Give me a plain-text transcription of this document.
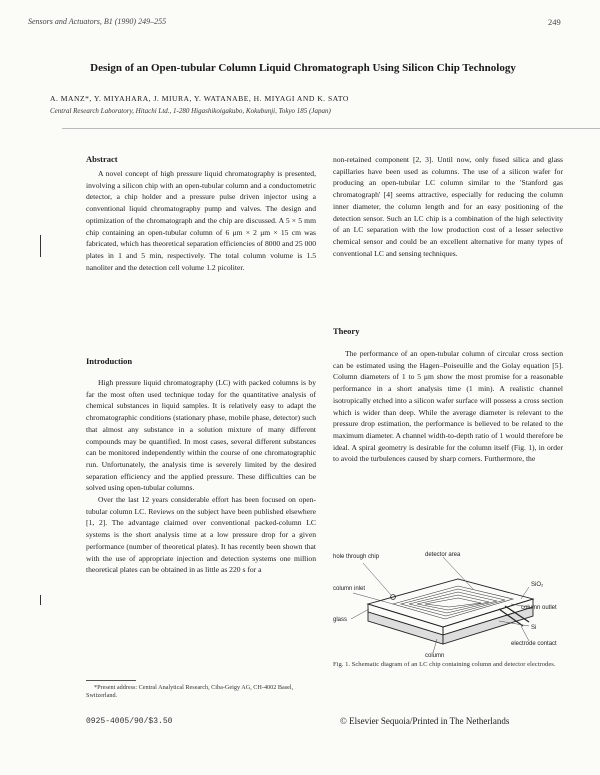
Sensors and Actuators, B1 (1990) 249–255	249
Design of an Open-tubular Column Liquid Chromatograph Using Silicon Chip Technology
A. MANZ*, Y. MIYAHARA, J. MIURA, Y. WATANABE, H. MIYAGI AND K. SATO
Central Research Laboratory, Hitachi Ltd., 1-280 Higashikoigakubo, Kokubunji, Tokyo 185 (Japan)
Abstract

A novel concept of high pressure liquid chromatography is presented, involving a silicon chip with an open-tubular column and a conductometric detector, a chip holder and a pressure pulse driven injector using a conventional liquid chromatography pump and valves. The design and optimization of the chromatograph and the chip are discussed. A 5 × 5 mm chip containing an open-tubular column of 6 μm × 2 μm × 15 cm was fabricated, which has theoretical separation efficiencies of 8000 and 25 000 plates in 1 and 5 min, respectively. The total column volume is 1.5 nanoliter and the detection cell volume 1.2 picoliter.

Introduction

High pressure liquid chromatography (LC) with packed columns is by far the most often used technique today for the quantitative analysis of chemical substances in liquid samples. It is relatively easy to adapt the chromatographic conditions (stationary phase, mobile phase, detector) such that almost any substance in a solution mixture of many different compounds may be quantified. In most cases, several different substances can be monitored independently within the course of one chromatographic run. Unfortunately, the analysis time is severely limited by the desired separation efficiency and the applied pressure. These difficulties can be solved using open-tubular columns.

Over the last 12 years considerable effort has been focused on open-tubular column LC. Reviews on the subject have been published elsewhere [1, 2]. The advantage claimed over conventional packed-column LC systems is the short analysis time at a low pressure drop for a given performance (number of theoretical plates). It has recently been shown that with the use of appropriate injection and detection systems one million theoretical plates can be obtained in as little as 220 s for a

non-retained component [2, 3]. Until now, only fused silica and glass capillaries have been used as columns. The use of a silicon wafer for producing an open-tubular LC column similar to the 'Stanford gas chromatograph' [4] seems attractive, especially for reducing the column inner diameter, the column length and for an easy positioning of the detection sensor. Such an LC chip is a combination of the high selectivity of an LC separation with the low production cost of a lesser selective chemical sensor and could be an excellent alternative for many types of conventional LC and sensing techniques.

Theory

The performance of an open-tubular column of circular cross section can be estimated using the Hagen–Poiseuille and the Golay equation [5]. Column diameters of 1 to 5 μm show the most promise for a reasonable performance in a short analysis time (1 min). A realistic channel isotropically etched into a silicon wafer surface will possess a cross section which is wider than deep. While the average diameter is relevant to the pressure drop estimation, the performance is believed to be related to the maximum diameter. A channel width-to-depth ratio of 1 would therefore be ideal. A spiral geometry is desirable for the column itself (Fig. 1), in order to avoid the turbulences caused by sharp corners. Furthermore, the

hole through chip	detector area
SiO₂
column inlet
column outlet
glass
Si
electrode contact
column
Fig. 1. Schematic diagram of an LC chip containing column and detector electrodes.
*Present address: Central Analytical Research, Ciba-Geigy AG, CH-4002 Basel, Switzerland.
0925-4005/90/$3.50	© Elsevier Sequoia/Printed in The Netherlands
